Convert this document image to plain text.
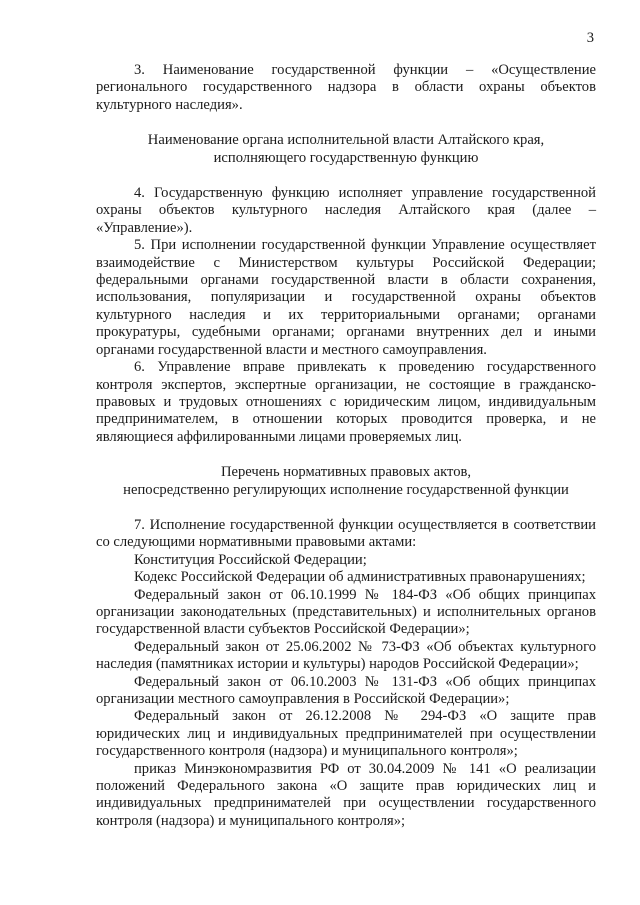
3

3. Наименование государственной функции – «Осуществление регионального государственного надзора в области охраны объектов культурного наследия».

Наименование органа исполнительной власти Алтайского края,
исполняющего государственную функцию

4. Государственную функцию исполняет управление государственной охраны объектов культурного наследия Алтайского края (далее – «Управление»).

5. При исполнении государственной функции Управление осуществляет взаимодействие с Министерством культуры Российской Федерации; федеральными органами государственной власти в области сохранения, использования, популяризации и государственной охраны объектов культурного наследия и их территориальными органами; органами прокуратуры, судебными органами; органами внутренних дел и иными органами государственной власти и местного самоуправления.

6. Управление вправе привлекать к проведению государственного контроля экспертов, экспертные организации, не состоящие в гражданско-правовых и трудовых отношениях с юридическим лицом, индивидуальным предпринимателем, в отношении которых проводится проверка, и не являющиеся аффилированными лицами проверяемых лиц.

Перечень нормативных правовых актов,
непосредственно регулирующих исполнение государственной функции

7. Исполнение государственной функции осуществляется в соответствии со следующими нормативными правовыми актами:

Конституция Российской Федерации;

Кодекс Российской Федерации об административных правонарушениях;

Федеральный закон от 06.10.1999 № 184-ФЗ «Об общих принципах организации законодательных (представительных) и исполнительных органов государственной власти субъектов Российской Федерации»;

Федеральный закон от 25.06.2002 № 73-ФЗ «Об объектах культурного наследия (памятниках истории и культуры) народов Российской Федерации»;

Федеральный закон от 06.10.2003 № 131-ФЗ «Об общих принципах организации местного самоуправления в Российской Федерации»;

Федеральный закон от 26.12.2008 № 294-ФЗ «О защите прав юридических лиц и индивидуальных предпринимателей при осуществлении государственного контроля (надзора) и муниципального контроля»;

приказ Минэкономразвития РФ от 30.04.2009 № 141 «О реализации положений Федерального закона «О защите прав юридических лиц и индивидуальных предпринимателей при осуществлении государственного контроля (надзора) и муниципального контроля»;
